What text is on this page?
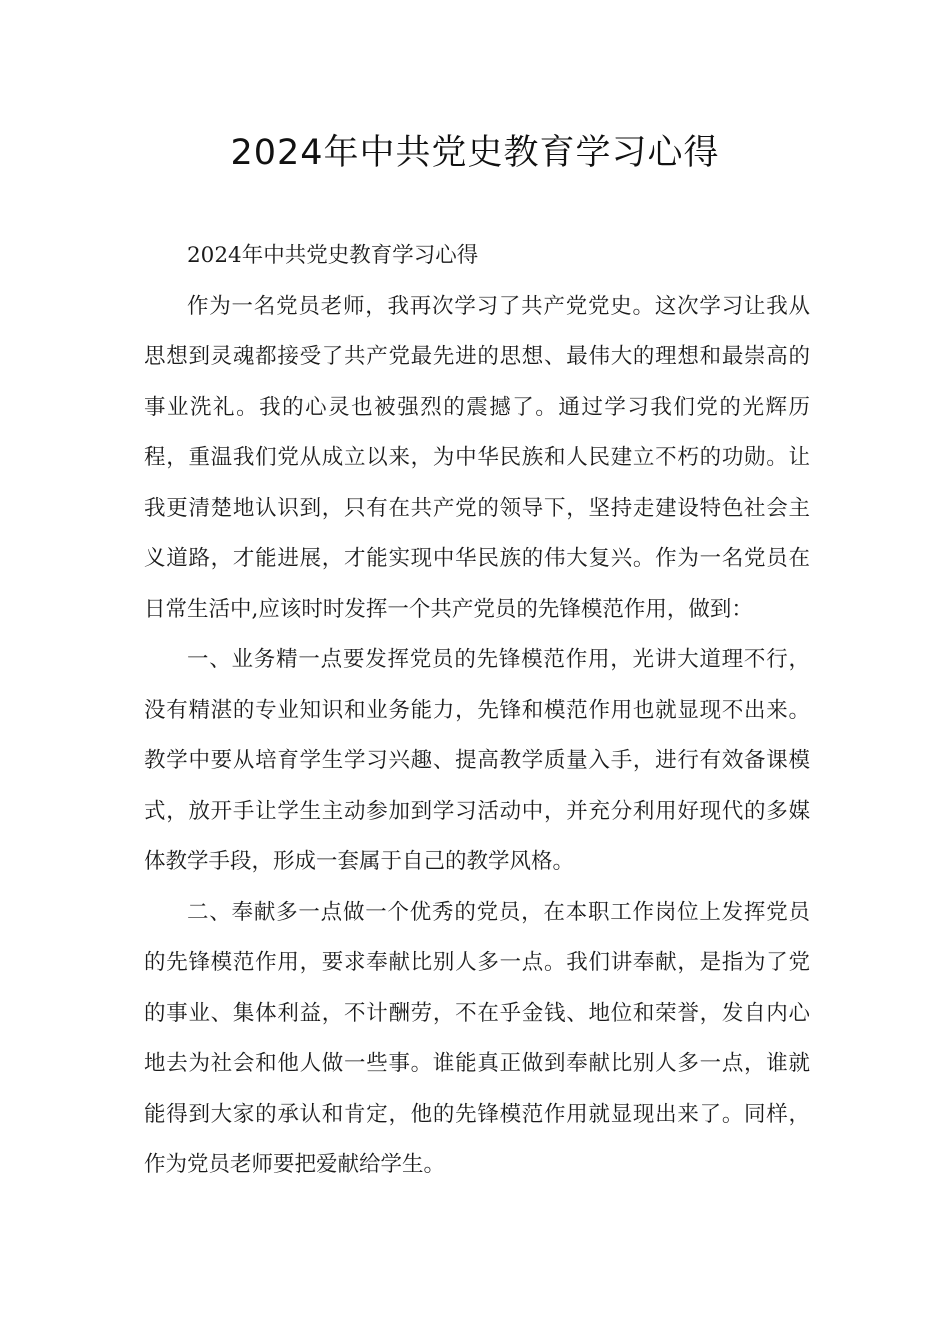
2024年中共党史教育学习心得

2024年中共党史教育学习心得

作为一名党员老师，我再次学习了共产党党史。这次学习让我从思想到灵魂都接受了共产党最先进的思想、最伟大的理想和最崇高的事业洗礼。我的心灵也被强烈的震撼了。通过学习我们党的光辉历程，重温我们党从成立以来，为中华民族和人民建立不朽的功勋。让我更清楚地认识到，只有在共产党的领导下，坚持走建设特色社会主义道路，才能进展，才能实现中华民族的伟大复兴。作为一名党员在日常生活中,应该时时发挥一个共产党员的先锋模范作用，做到：

一、业务精一点要发挥党员的先锋模范作用，光讲大道理不行，没有精湛的专业知识和业务能力，先锋和模范作用也就显现不出来。教学中要从培育学生学习兴趣、提高教学质量入手，进行有效备课模式，放开手让学生主动参加到学习活动中，并充分利用好现代的多媒体教学手段，形成一套属于自己的教学风格。

二、奉献多一点做一个优秀的党员，在本职工作岗位上发挥党员的先锋模范作用，要求奉献比别人多一点。我们讲奉献，是指为了党的事业、集体利益，不计酬劳，不在乎金钱、地位和荣誉，发自内心地去为社会和他人做一些事。谁能真正做到奉献比别人多一点，谁就能得到大家的承认和肯定，他的先锋模范作用就显现出来了。同样，作为党员老师要把爱献给学生。
